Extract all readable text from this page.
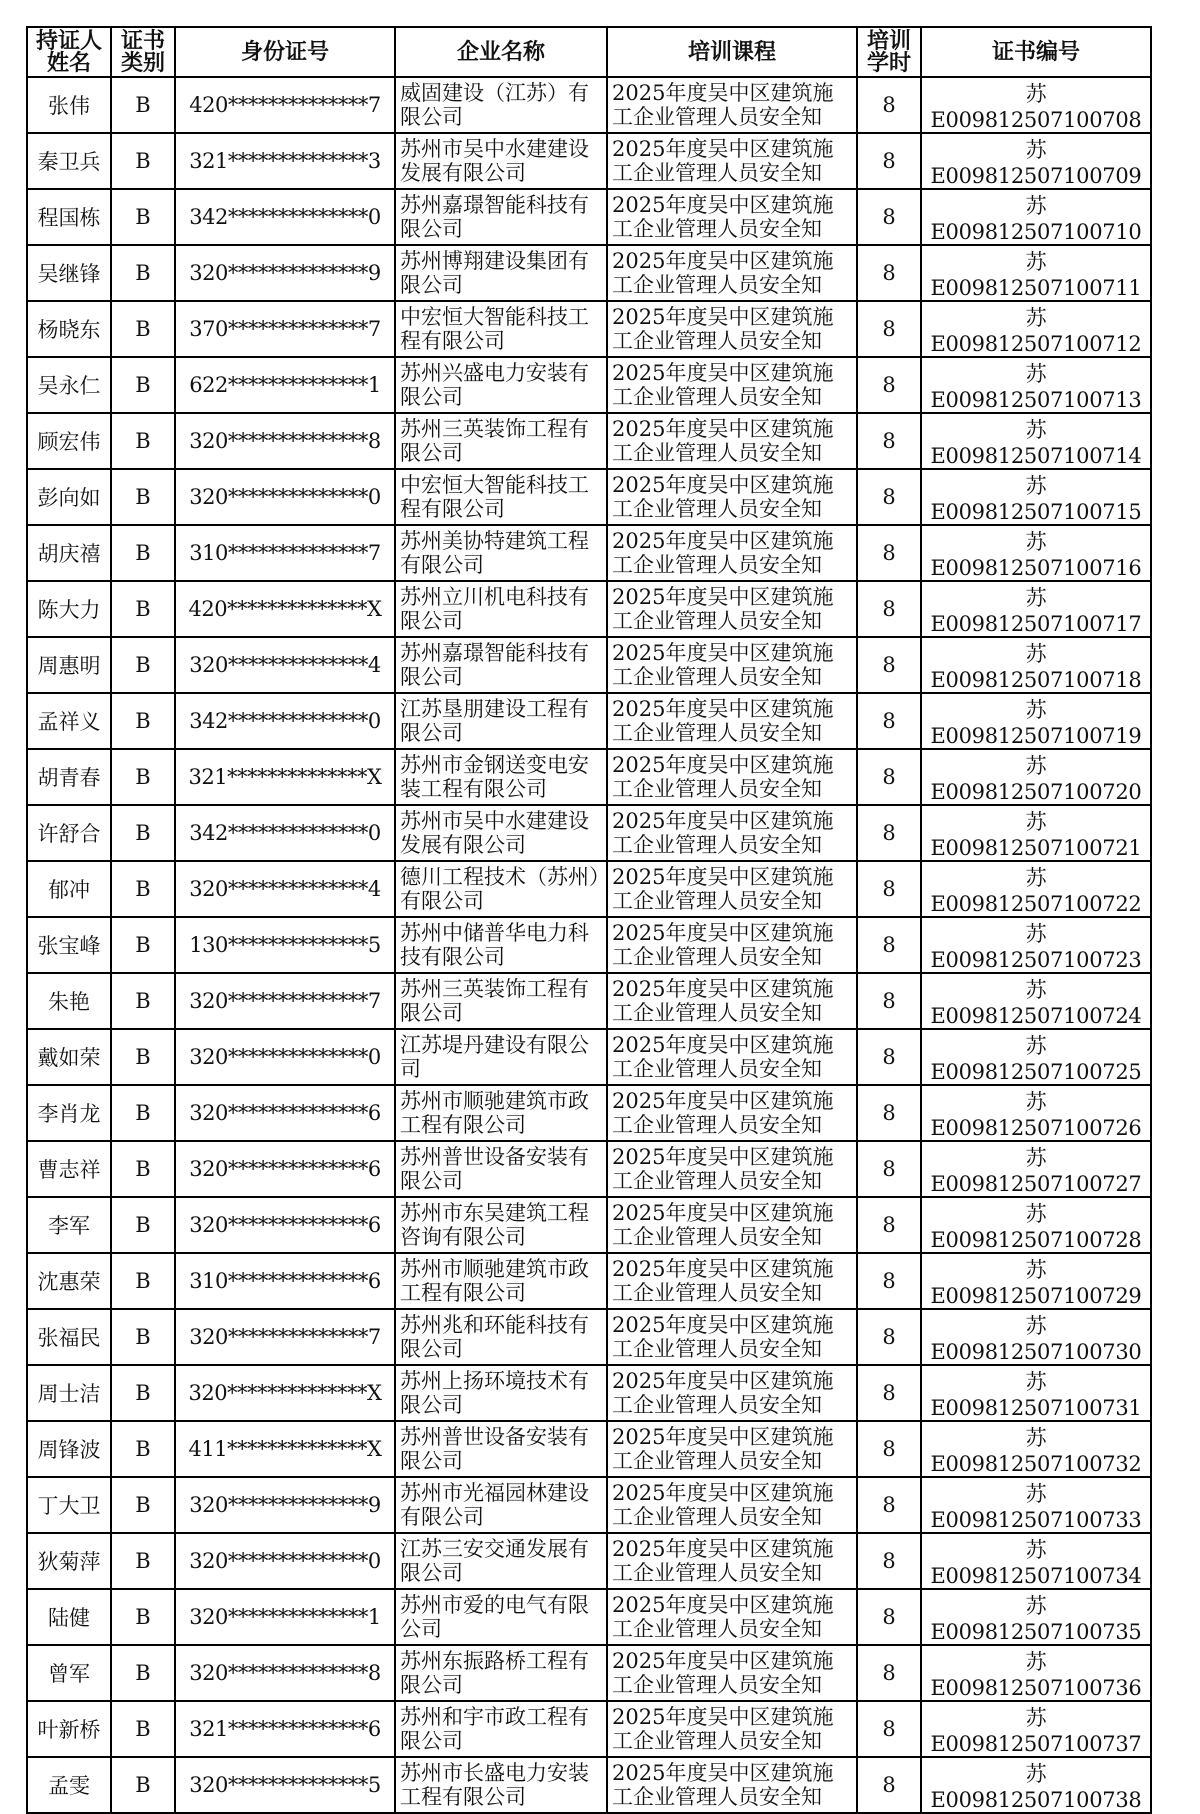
持证人姓名	证书类别	身份证号	企业名称	培训课程	培训学时	证书编号
张伟	B	420**************7	威固建设（江苏）有限公司	2025年度吴中区建筑施工企业管理人员安全知	8	苏E009812507100708
秦卫兵	B	321**************3	苏州市吴中水建建设发展有限公司	2025年度吴中区建筑施工企业管理人员安全知	8	苏E009812507100709
程国栋	B	342**************0	苏州嘉璟智能科技有限公司	2025年度吴中区建筑施工企业管理人员安全知	8	苏E009812507100710
吴继锋	B	320**************9	苏州博翔建设集团有限公司	2025年度吴中区建筑施工企业管理人员安全知	8	苏E009812507100711
杨晓东	B	370**************7	中宏恒大智能科技工程有限公司	2025年度吴中区建筑施工企业管理人员安全知	8	苏E009812507100712
吴永仁	B	622**************1	苏州兴盛电力安装有限公司	2025年度吴中区建筑施工企业管理人员安全知	8	苏E009812507100713
顾宏伟	B	320**************8	苏州三英装饰工程有限公司	2025年度吴中区建筑施工企业管理人员安全知	8	苏E009812507100714
彭向如	B	320**************0	中宏恒大智能科技工程有限公司	2025年度吴中区建筑施工企业管理人员安全知	8	苏E009812507100715
胡庆禧	B	310**************7	苏州美协特建筑工程有限公司	2025年度吴中区建筑施工企业管理人员安全知	8	苏E009812507100716
陈大力	B	420**************X	苏州立川机电科技有限公司	2025年度吴中区建筑施工企业管理人员安全知	8	苏E009812507100717
周惠明	B	320**************4	苏州嘉璟智能科技有限公司	2025年度吴中区建筑施工企业管理人员安全知	8	苏E009812507100718
孟祥义	B	342**************0	江苏垦朋建设工程有限公司	2025年度吴中区建筑施工企业管理人员安全知	8	苏E009812507100719
胡青春	B	321**************X	苏州市金钢送变电安装工程有限公司	2025年度吴中区建筑施工企业管理人员安全知	8	苏E009812507100720
许舒合	B	342**************0	苏州市吴中水建建设发展有限公司	2025年度吴中区建筑施工企业管理人员安全知	8	苏E009812507100721
郁冲	B	320**************4	德川工程技术（苏州）有限公司	2025年度吴中区建筑施工企业管理人员安全知	8	苏E009812507100722
张宝峰	B	130**************5	苏州中储普华电力科技有限公司	2025年度吴中区建筑施工企业管理人员安全知	8	苏E009812507100723
朱艳	B	320**************7	苏州三英装饰工程有限公司	2025年度吴中区建筑施工企业管理人员安全知	8	苏E009812507100724
戴如荣	B	320**************0	江苏堤丹建设有限公司	2025年度吴中区建筑施工企业管理人员安全知	8	苏E009812507100725
李肖龙	B	320**************6	苏州市顺驰建筑市政工程有限公司	2025年度吴中区建筑施工企业管理人员安全知	8	苏E009812507100726
曹志祥	B	320**************6	苏州普世设备安装有限公司	2025年度吴中区建筑施工企业管理人员安全知	8	苏E009812507100727
李军	B	320**************6	苏州市东吴建筑工程咨询有限公司	2025年度吴中区建筑施工企业管理人员安全知	8	苏E009812507100728
沈惠荣	B	310**************6	苏州市顺驰建筑市政工程有限公司	2025年度吴中区建筑施工企业管理人员安全知	8	苏E009812507100729
张福民	B	320**************7	苏州兆和环能科技有限公司	2025年度吴中区建筑施工企业管理人员安全知	8	苏E009812507100730
周士洁	B	320**************X	苏州上扬环境技术有限公司	2025年度吴中区建筑施工企业管理人员安全知	8	苏E009812507100731
周锋波	B	411**************X	苏州普世设备安装有限公司	2025年度吴中区建筑施工企业管理人员安全知	8	苏E009812507100732
丁大卫	B	320**************9	苏州市光福园林建设有限公司	2025年度吴中区建筑施工企业管理人员安全知	8	苏E009812507100733
狄菊萍	B	320**************0	江苏三安交通发展有限公司	2025年度吴中区建筑施工企业管理人员安全知	8	苏E009812507100734
陆健	B	320**************1	苏州市爱的电气有限公司	2025年度吴中区建筑施工企业管理人员安全知	8	苏E009812507100735
曾军	B	320**************8	苏州东振路桥工程有限公司	2025年度吴中区建筑施工企业管理人员安全知	8	苏E009812507100736
叶新桥	B	321**************6	苏州和宇市政工程有限公司	2025年度吴中区建筑施工企业管理人员安全知	8	苏E009812507100737
孟雯	B	320**************5	苏州市长盛电力安装工程有限公司	2025年度吴中区建筑施工企业管理人员安全知	8	苏E009812507100738
